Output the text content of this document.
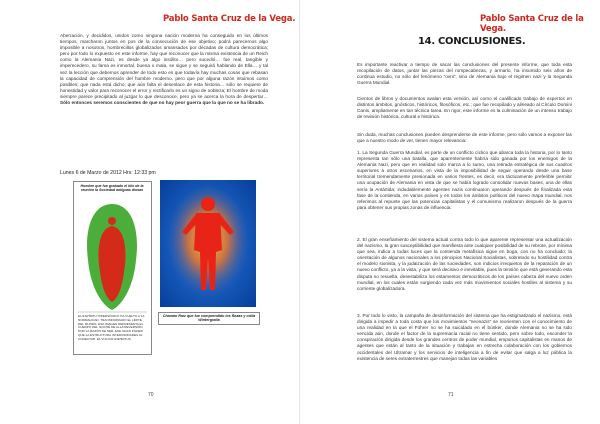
Pablo Santa Cruz de la Vega.

Aberración, y decididos, unidos como ninguna nación moderna ha conseguido en los últimos tiempos, marcharon juntos en pos de la consecución de ese objetivo; podrá parecernos algo imposible a nosotros, hombrecillos globalizados amansados por décadas de cultura democrática; pero por todo lo expuesto en este informe, hay que reconocer que la misma existencia de un Reich como la Alemania Nazi, es desde ya algo insólito… pero sucedió… fue real, tangible y imperecedero, su fama es inmortal, buena o mala, se sigue y se seguirá hablando de Ella… y tal vez la lección que debemos aprender de todo esto es que todavía hay muchas cosas que rebasan la capacidad de comprensión del hombre moderno, pero que por alguna razón intuimos como posibles; que nada está dicho; que aún falta el desenlace de esta historia… sólo se requiere de honestidad y valor para reconocer el error y rectificarlo es un signo de nobleza; El hombre de moda siempre parece precipitado al juzgar lo que desconoce, pero ya se acerca la hora de despertar… Sólo entonces seremos conscientes de que no hay peor guerra que la que no se ha librado.

Lunes 6 de Marzo de 2012 Hrs: 12:33 pm
Hombre que fue grabado el kilo de la reunión la Sociedad antiguas diosas
EL ESPÍRITU HIPERSÓNICO HA VUELTO A LA NORMALIDAD, TRANSFORMADO EL LÍMITE DEL MUNDO. ESA IMAGEN REPRESENTA EL CUERPO DEL GOCHÉ DE ALLA REVERSIÓN POR LA RAZÓN DE SER, ESE GRAN PODER QUE LA ESTRUCTURA INTERIORIDADES AL CONECTAR. ÉL VULTUR ESPIRITUS
Chamán Raíz que fue comprendido los Razas y orilla Wintergratia
70
Pablo Santa Cruz de la Vega.
14. CONCLUSIONES.

Es importante reactivar a tiempo de sacar las conclusiones del presente informe, que toda esta recopilación de datos, juntar las piezas del rompecabezas, y armarlo, ha insumido seis años de continua estudio, no sólo del fenómeno “ovni”, sino de Alemania bajo el régimen nazi y la Segunda Guerra Mundial.

Cientos de libros y documentos avalan esta versión, así como el cualificado trabajo de expertos en distintos ámbitos, gnósticos, históricos, filosóficos, etc.; que fue recopilado y alineado al Círculo Domini Canis, ampliamente en tan técnica tarea. En rigor, este informe es la culminación de un intenso trabajo de revisión histórica, cultural e histórica.

Sin duda, muchas conclusiones pueden desprenderse de este informe, pero sólo vamos a exponer las que a nuestro modo de ver, tienen mayor relevancia:

1. La Segunda Guerra Mundial, es parte de un conflicto cíclico que abarca toda la historia, por lo tanto representa tan sólo una batalla, que aparentemente habría sido ganada por los enemigos de la Alemania Nazi, pero que en realidad solo marca a lo sumo, una retirada estratégica de sus cuadros superiores a otros escenarios, en vista de la imposibilidad de seguir operando desde una base territorial tremendamente presionada en varios frentes, es decir, era tácticamente preferible permitir una ocupación de Alemania en vista de que se había logrado consolidar nuevas bases, una de ellas sería la Antártida; indudablemente agentes nazis continuaron operando después de finalizada esta fase de la contienda, en varios países y en todos los ámbitos políticos del nuevo mapa mundial, nos referimos al repunte que las potencias capitalistas y el comunismo realizaron después de la guerra para obtener sus propias zonas de influencia.

2. El gran enseñamiento del sistema actual contra todo lo que aparente representar una actualización del nazismo, la gran susceptibilidad que manifiesta ante cualquier posibilidad de su rebrote, por mínima que sea, indica a todas luces que la contienda metafísica sigue en boga, con no ha concluido; la orientación de algunos nacionales a los principios Nacional Socialistas, sobretodo su hostilidad contra el modelo sionista, y la judaización de las sociedades, son indicios irrequietos de la reparación de un nuevo conflicto, ya a la vista, y que será decisivo e inevitable, pues la tensión que está generando esta disputa no resuelta, desestabiliza los estamentos democráticos de los países cabeza del nuevo orden mundial, en los cuales están surgiendo cada vez más movimientos sociales hostiles al sistema y su corriente globalizadora.

3. Por todo lo visto, la campaña de desinformación del sistema que ha estigmatizado el nazismo, está dirigida a impedir a toda costa que los movimientos "neonazis" se reorienten con el conocimiento de una realidad en la que el Führer no se ha suicidado en el búnker, donde Alemania no se ha sido vencida aún, donde el factor de la supremacía racial no tiene sentido, pero sobre todo, esconder la conspiración dirigida desde los grandes centros de poder mundial, emporios capitalistas en manos de agentes que están al tanto de la situación y trabajan en estrecha colaboración con los gobiernos occidentales del Ultramar y los servicios de inteligencia a fin de evitar que salga a luz pública la existencia de seres extraterrestres que manejan todas las variables

71
